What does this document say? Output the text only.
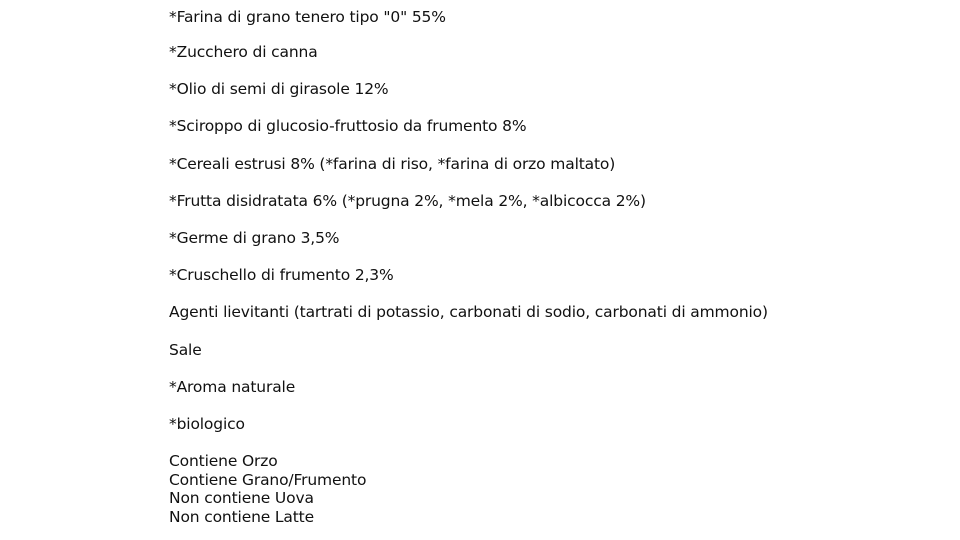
*Farina di grano tenero tipo "0" 55%
*Zucchero di canna
*Olio di semi di girasole 12%
*Sciroppo di glucosio-fruttosio da frumento 8%
*Cereali estrusi 8% (*farina di riso, *farina di orzo maltato)
*Frutta disidratata 6% (*prugna 2%, *mela 2%, *albicocca 2%)
*Germe di grano 3,5%
*Cruschello di frumento 2,3%
Agenti lievitanti (tartrati di potassio, carbonati di sodio, carbonati di ammonio)
Sale
*Aroma naturale
*biologico
Contiene Orzo
Contiene Grano/Frumento
Non contiene Uova
Non contiene Latte
